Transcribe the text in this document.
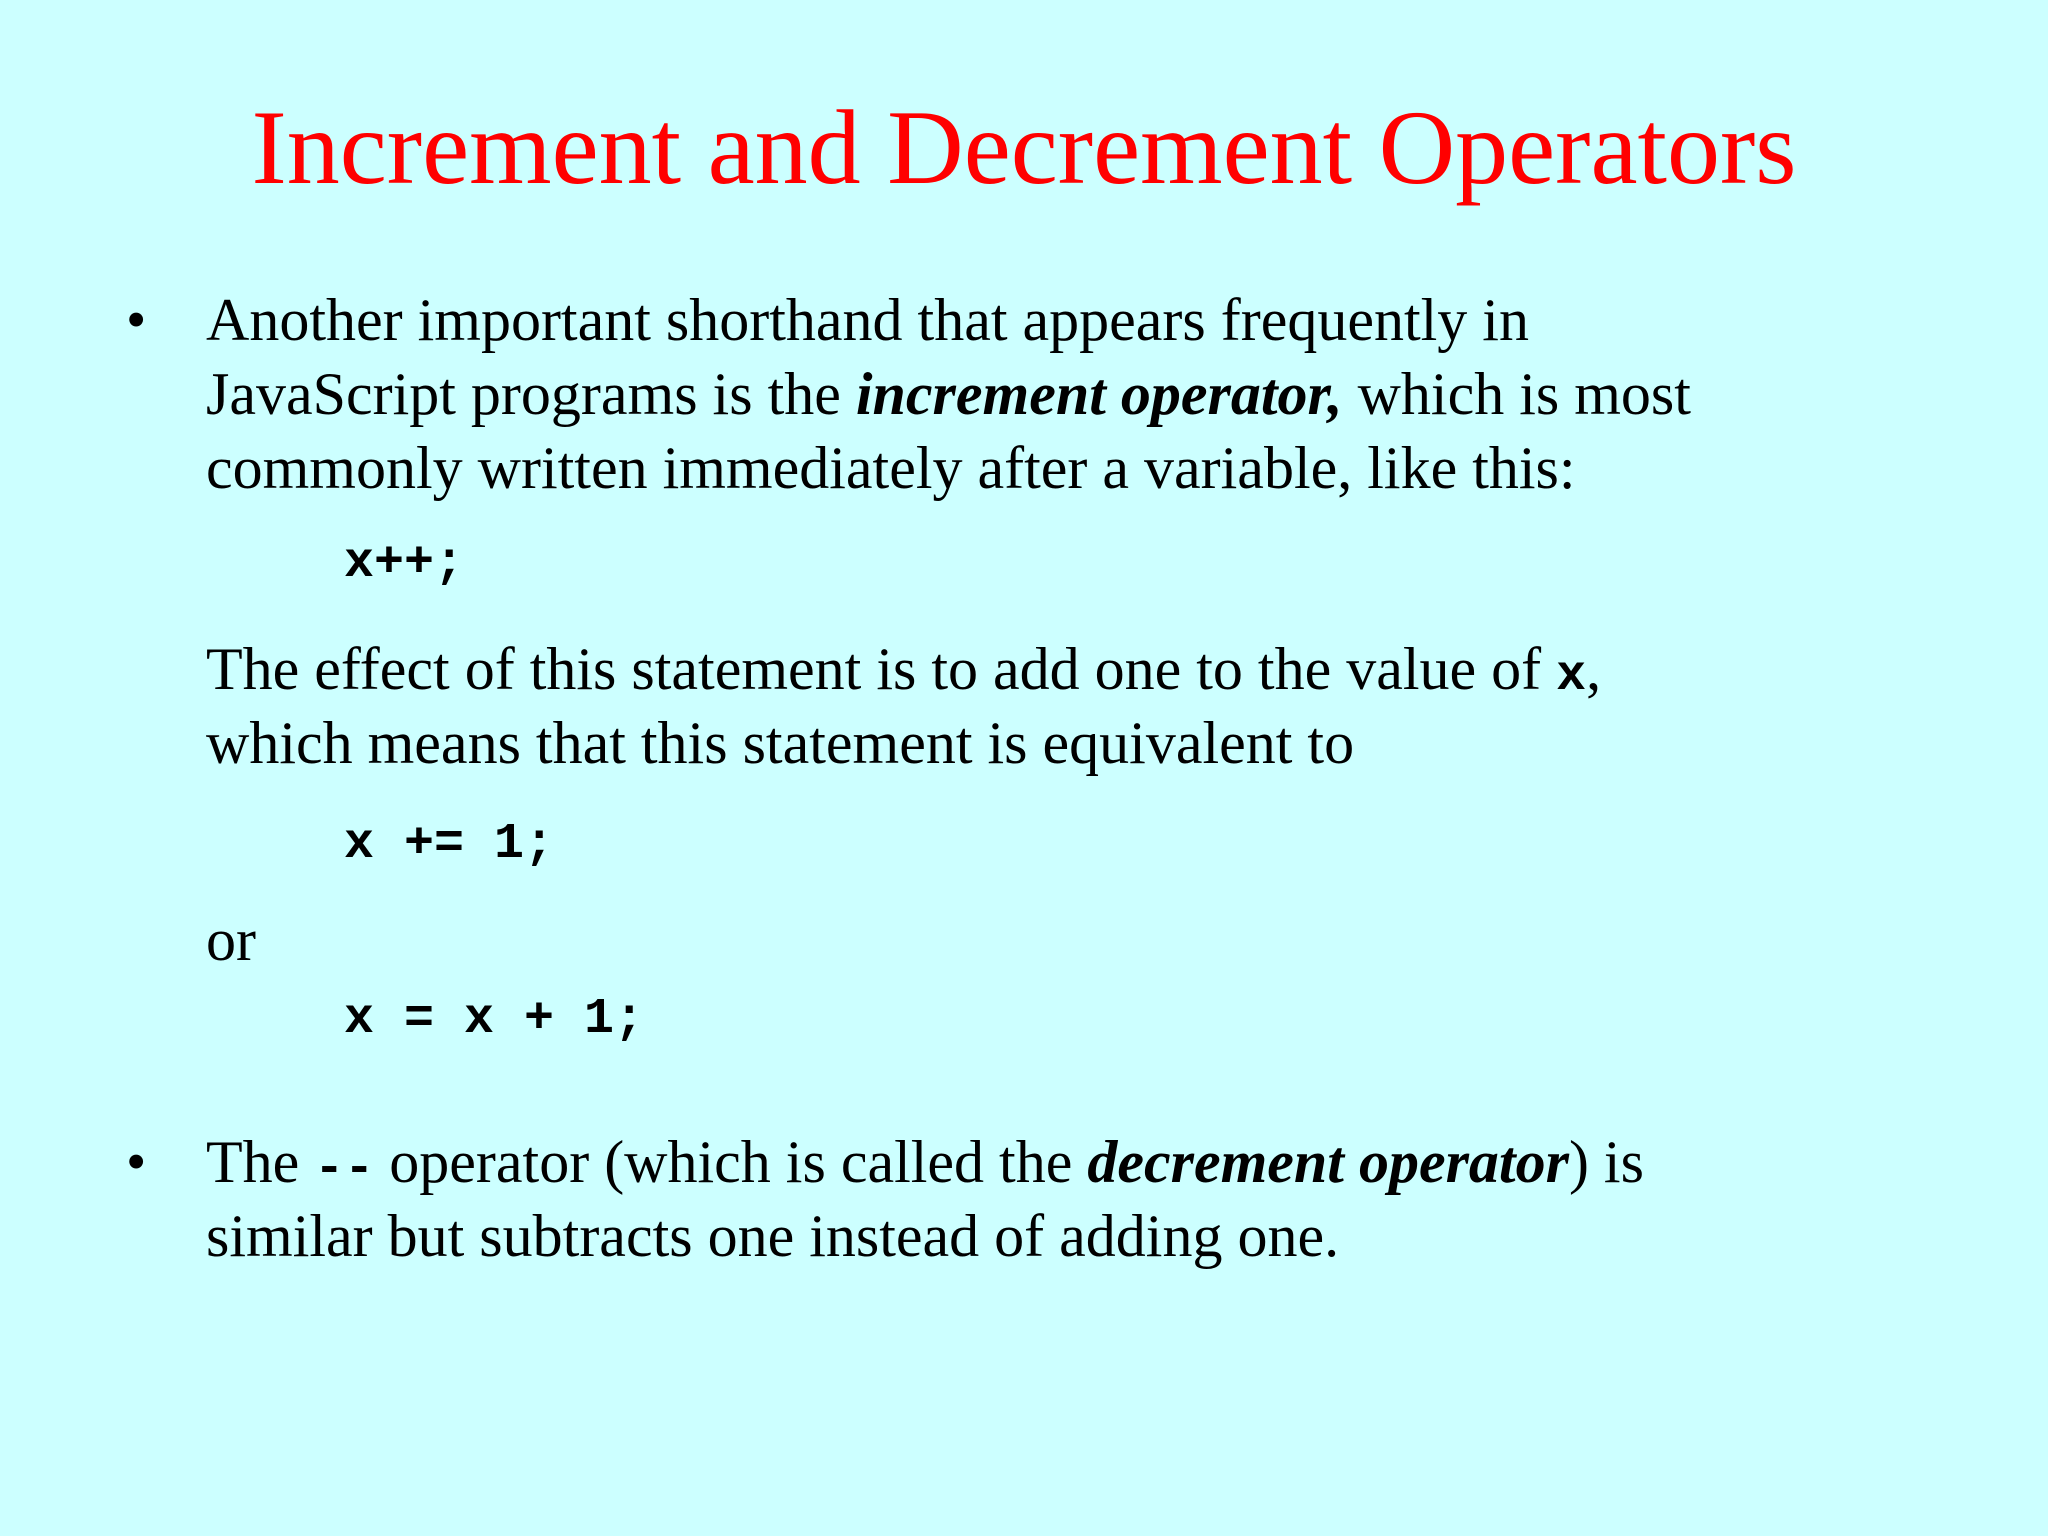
Increment and Decrement Operators
• Another important shorthand that appears frequently in

JavaScript programs is the increment operator, which is most

commonly written immediately after a variable, like this:

x++;

The effect of this statement is to add one to the value of x,

which means that this statement is equivalent to

x += 1;

or

x = x + 1;
• The -- operator (which is called the decrement operator) is

similar but subtracts one instead of adding one.
